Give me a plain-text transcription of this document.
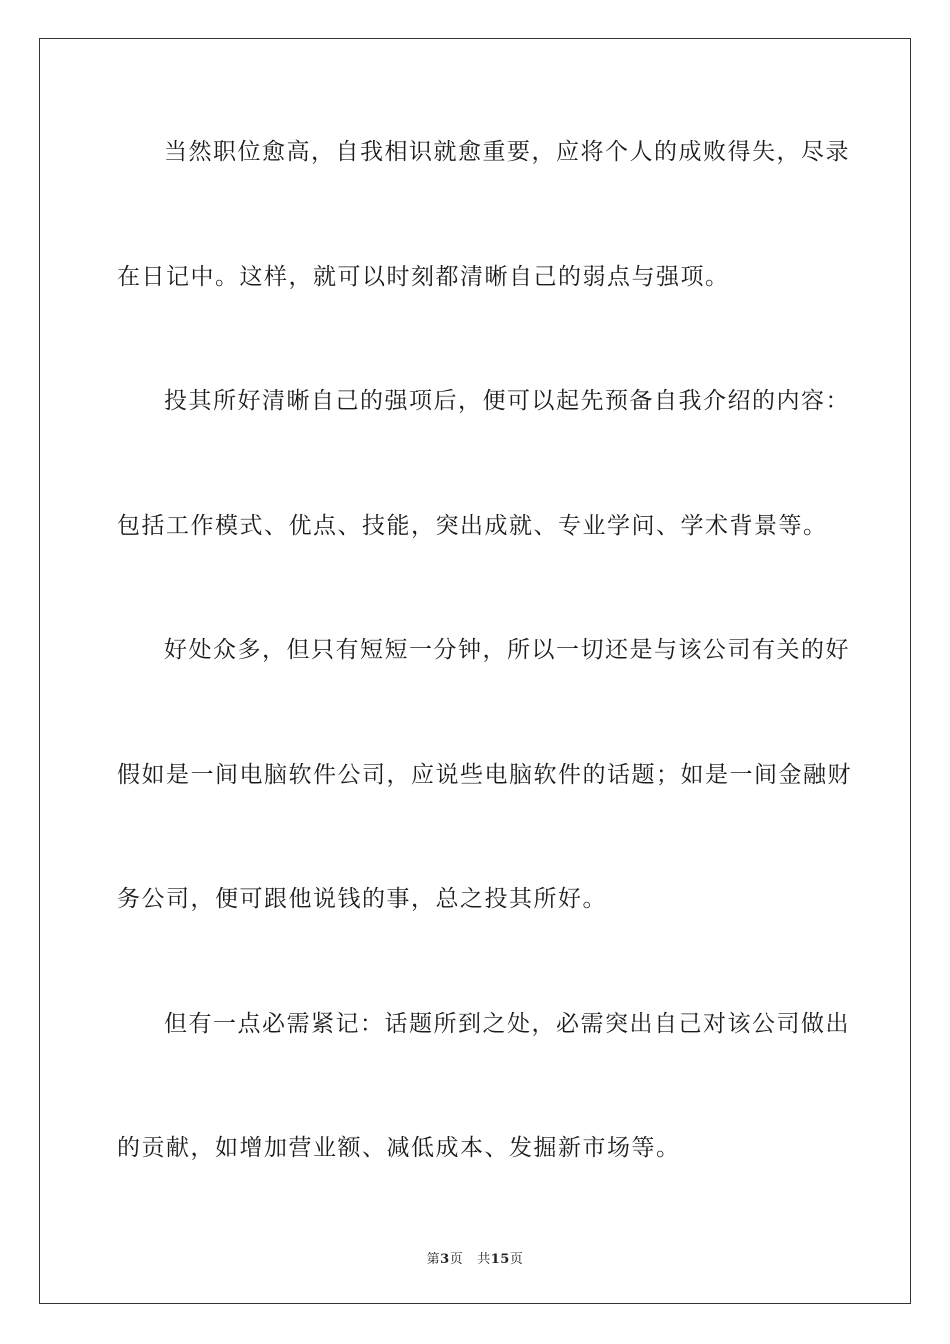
当然职位愈高，自我相识就愈重要，应将个人的成败得失，尽录
在日记中。这样，就可以时刻都清晰自己的弱点与强项。
投其所好清晰自己的强项后，便可以起先预备自我介绍的内容：
包括工作模式、优点、技能，突出成就、专业学问、学术背景等。
好处众多，但只有短短一分钟，所以一切还是与该公司有关的好
假如是一间电脑软件公司，应说些电脑软件的话题；如是一间金融财
务公司，便可跟他说钱的事，总之投其所好。
但有一点必需紧记：话题所到之处，必需突出自己对该公司做出
的贡献，如增加营业额、减低成本、发掘新市场等。
第3页 共15页
